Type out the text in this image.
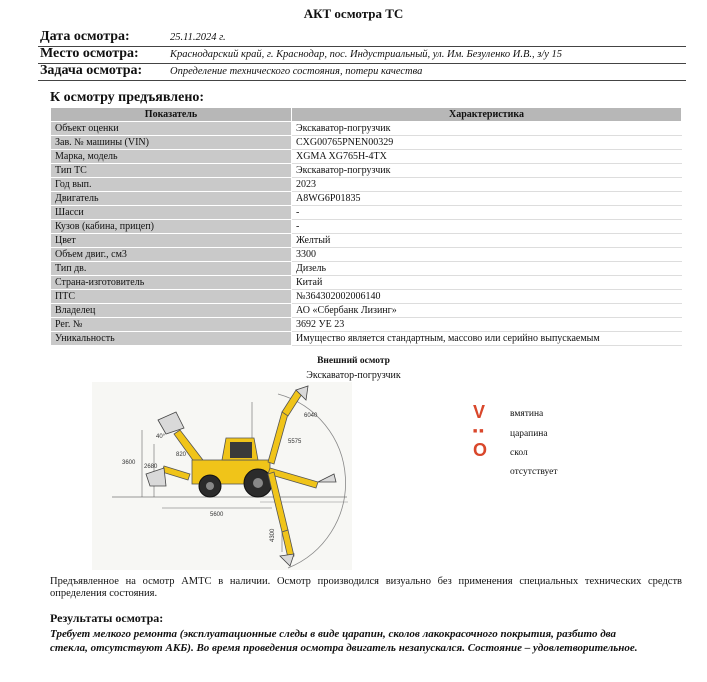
АКТ осмотра ТС
Дата осмотра:	25.11.2024 г.
Место осмотра:	Краснодарский край, г. Краснодар, пос. Индустриальный, ул. Им. Безуленко И.В., з/у 15
Задача осмотра:	Определение технического состояния, потери качества
К осмотру предъявлено:
Показатель	Характеристика
Объект оценки	Экскаватор-погрузчик
Зав. № машины (VIN)	CXG00765PNEN00329
Марка, модель	XGMA XG765H-4TX
Тип ТС	Экскаватор-погрузчик
Год вып.	2023
Двигатель	A8WG6P01835
Шасси	-
Кузов (кабина, прицеп)	-
Цвет	Желтый
Объем двиг., см3	3300
Тип дв.	Дизель
Страна-изготовитель	Китай
ПТС	№364302002006140
Владелец	АО «Сбербанк Лизинг»
Рег. №	3692 УЕ 23
Уникальность	Имущество является стандартным, массово или серийно выпускаемым
Внешний осмотр
Экскаватор-погрузчик
6040
5575
3600
2680
5600
4300
40°
820
V	вмятина
■■	царапина
O скол
отсутствует
Предъявленное на осмотр АМТС в наличии. Осмотр производился визуально без применения специальных технических средств определения состояния.
Результаты осмотра:
Требует мелкого ремонта (эксплуатационные следы в виде царапин, сколов лакокрасочного покрытия, разбито два стекла, отсутствуют АКБ). Во время проведения осмотра двигатель незапускался. Состояние – удовлетворительное.
